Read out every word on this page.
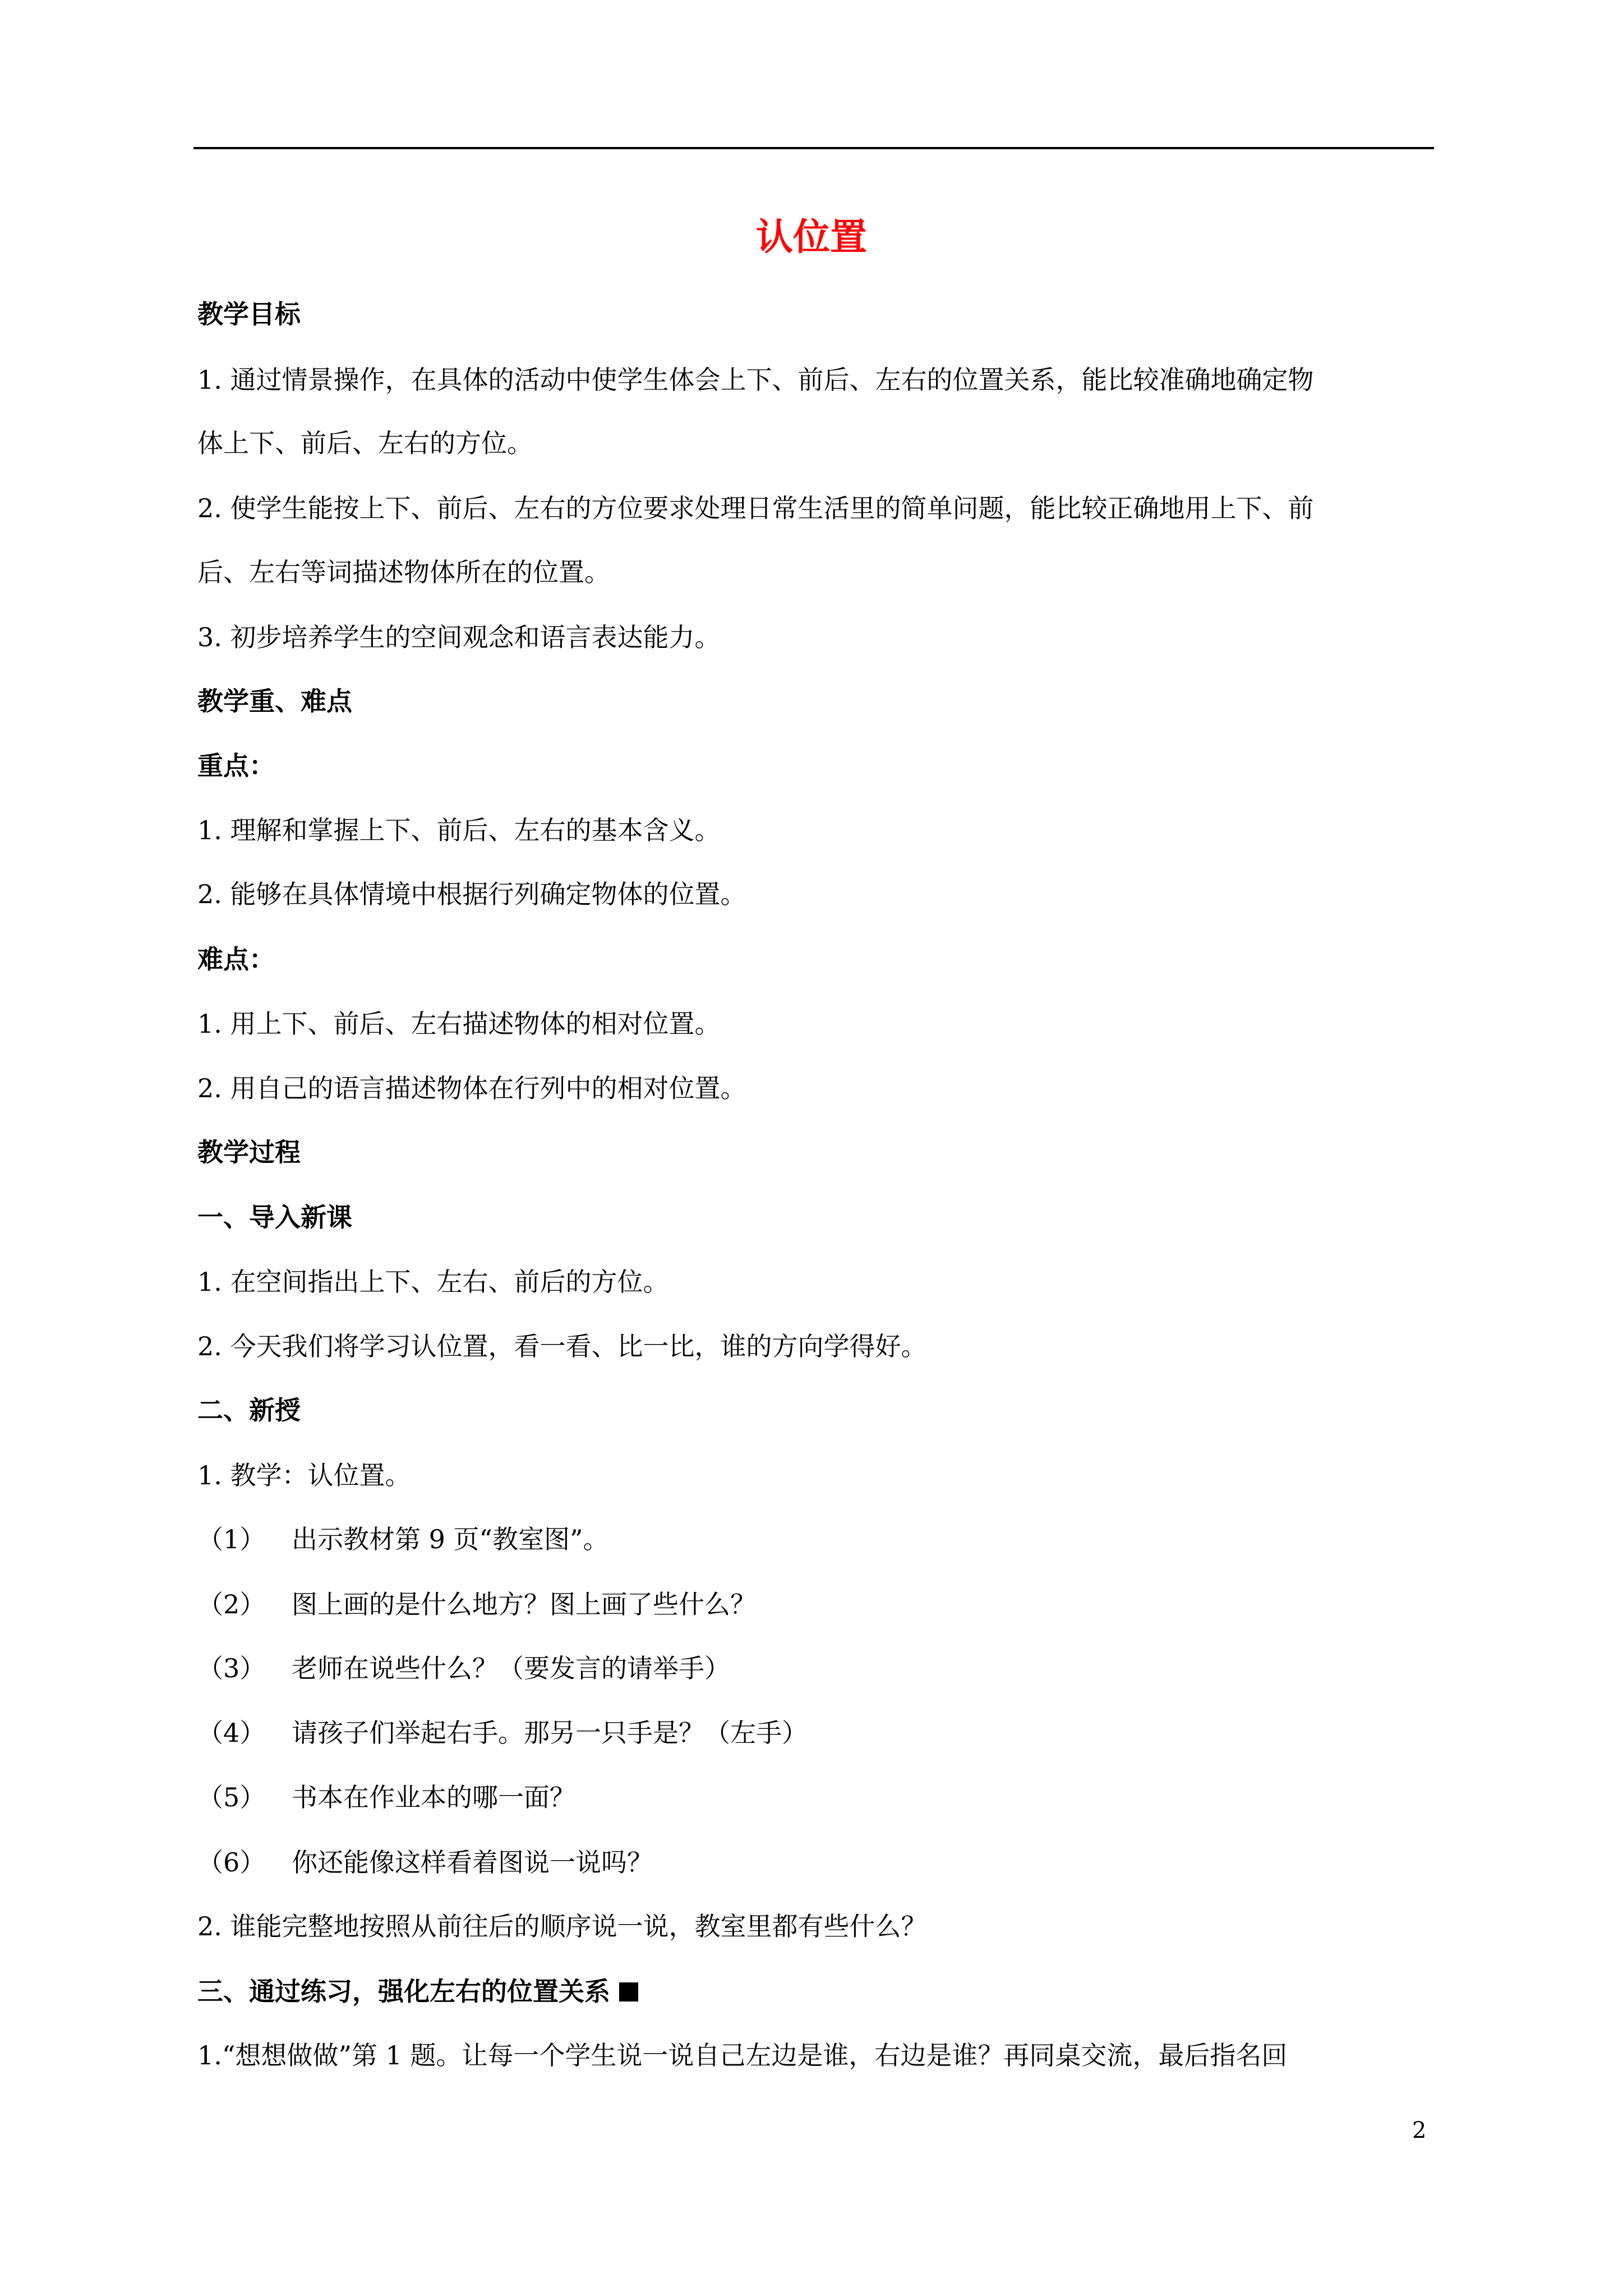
认位置
教学目标
1. 通过情景操作，在具体的活动中使学生体会上下、前后、左右的位置关系，能比较准确地确定物
体上下、前后、左右的方位。
2. 使学生能按上下、前后、左右的方位要求处理日常生活里的简单问题，能比较正确地用上下、前
后、左右等词描述物体所在的位置。
3. 初步培养学生的空间观念和语言表达能力。
教学重、难点
重点：
1. 理解和掌握上下、前后、左右的基本含义。
2. 能够在具体情境中根据行列确定物体的位置。
难点：
1. 用上下、前后、左右描述物体的相对位置。
2. 用自己的语言描述物体在行列中的相对位置。
教学过程
一、导入新课
1. 在空间指出上下、左右、前后的方位。
2. 今天我们将学习认位置，看一看、比一比，谁的方向学得好。
二、新授
1. 教学：认位置。
（1）	出示教材第 9 页“教室图”。
（2）	图上画的是什么地方？图上画了些什么？
（3）	老师在说些什么？（要发言的请举手）
（4）	请孩子们举起右手。那另一只手是？（左手）
（5）	书本在作业本的哪一面？
（6）	你还能像这样看着图说一说吗？
2. 谁能完整地按照从前往后的顺序说一说，教室里都有些什么？
三、通过练习，强化左右的位置关系
1.“想想做做”第 1 题。让每一个学生说一说自己左边是谁，右边是谁？再同桌交流，最后指名回
2
